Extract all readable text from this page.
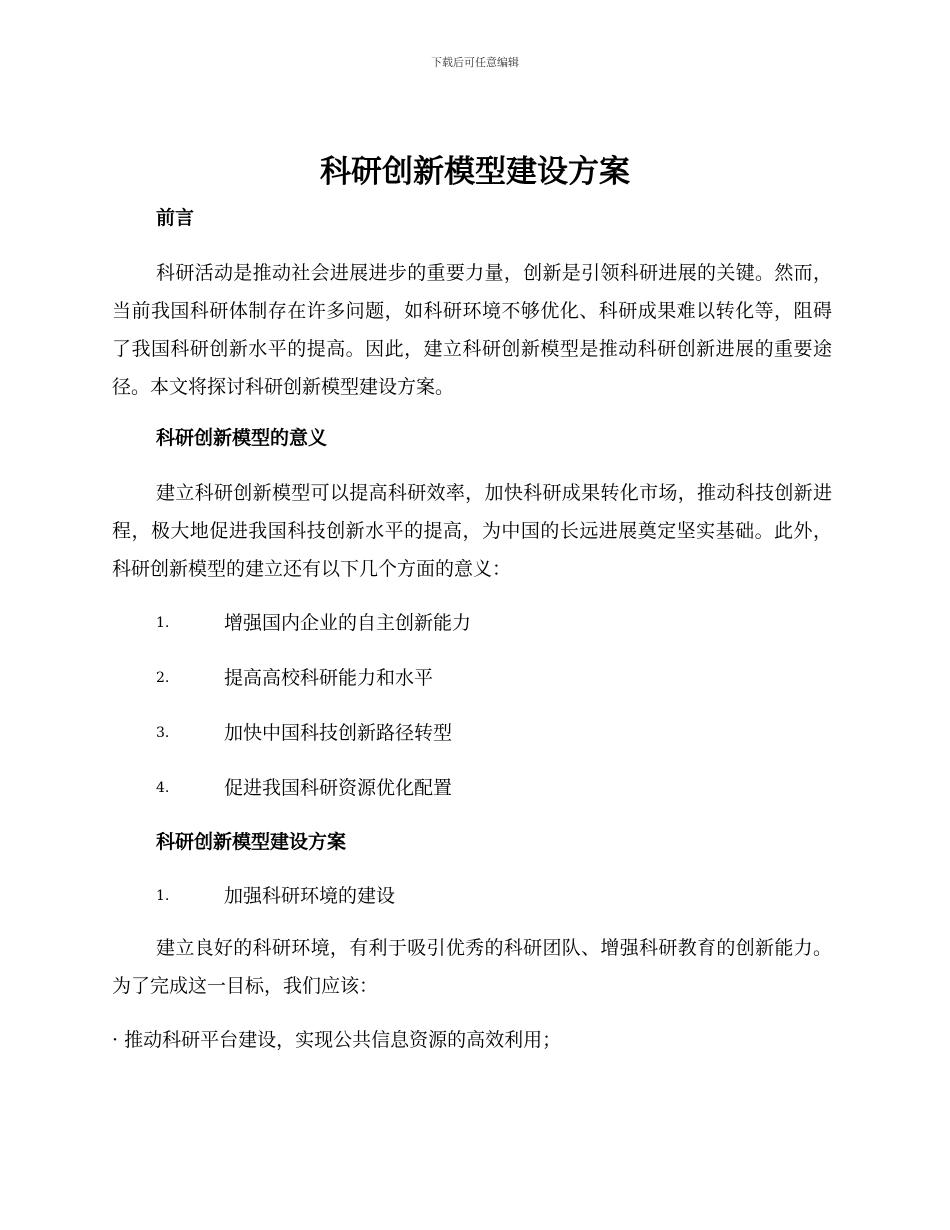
下载后可任意编辑
科研创新模型建设方案
前言

科研活动是推动社会进展进步的重要力量，创新是引领科研进展的关键。然而，当前我国科研体制存在许多问题，如科研环境不够优化、科研成果难以转化等，阻碍了我国科研创新水平的提高。因此，建立科研创新模型是推动科研创新进展的重要途径。本文将探讨科研创新模型建设方案。

科研创新模型的意义

建立科研创新模型可以提高科研效率，加快科研成果转化市场，推动科技创新进程，极大地促进我国科技创新水平的提高，为中国的长远进展奠定坚实基础。此外，科研创新模型的建立还有以下几个方面的意义：

1.	增强国内企业的自主创新能力

2.	提高高校科研能力和水平

3.	加快中国科技创新路径转型

4.	促进我国科研资源优化配置

科研创新模型建设方案

1.	加强科研环境的建设

建立良好的科研环境，有利于吸引优秀的科研团队、增强科研教育的创新能力。为了完成这一目标，我们应该：

· 推动科研平台建设，实现公共信息资源的高效利用；
